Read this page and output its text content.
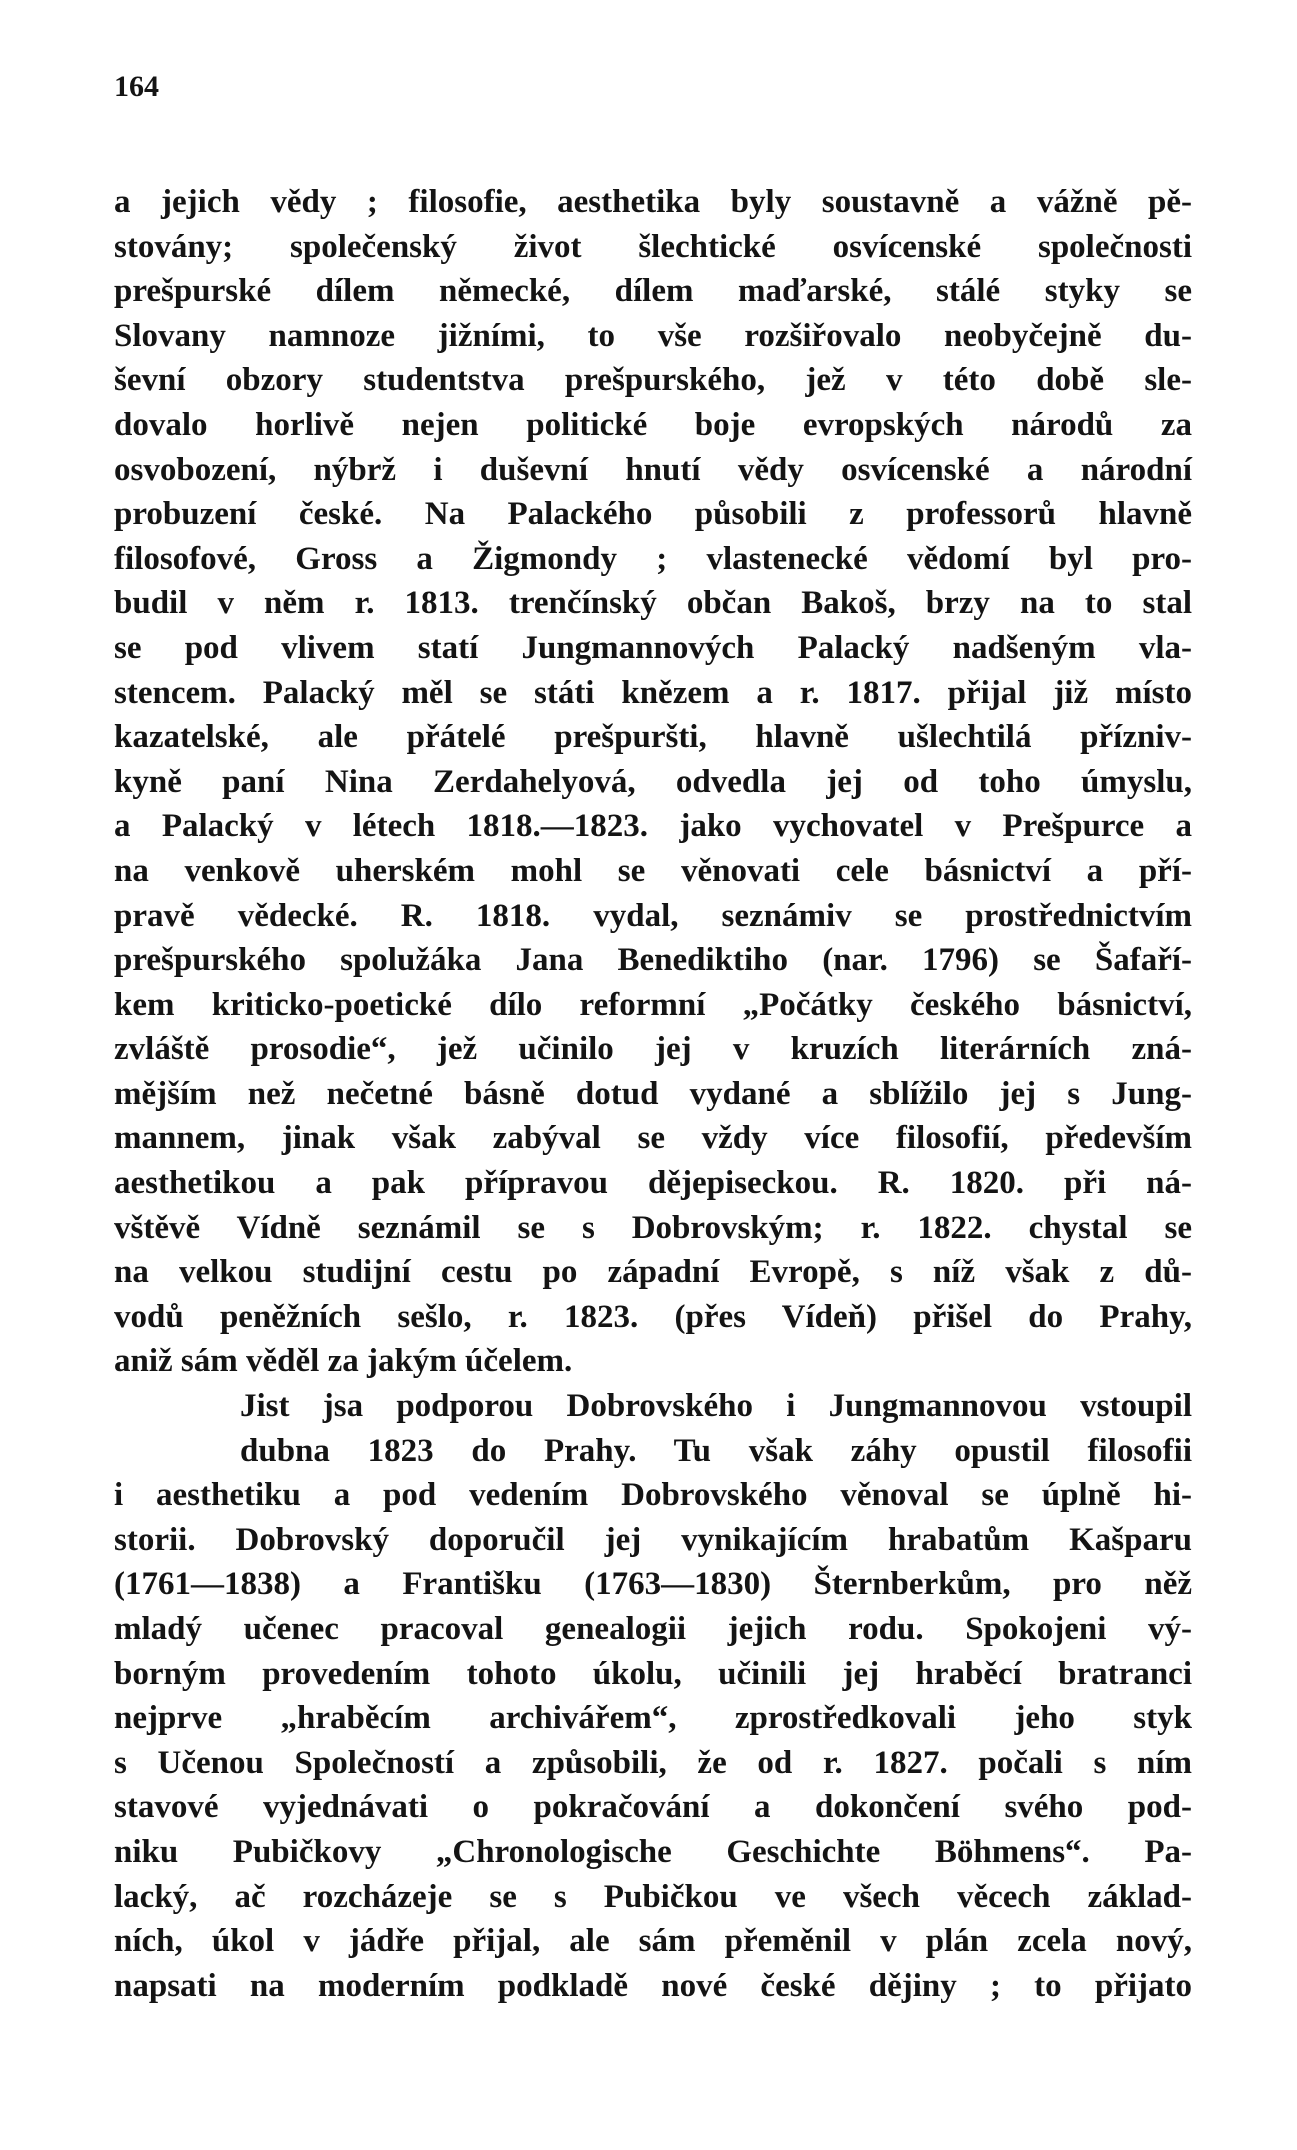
164
a jejich vědy ; filosofie, aesthetika byly soustavně a vážně pě-
stovány; společenský život šlechtické osvícenské společnosti
prešpurské dílem německé, dílem maďarské, stálé styky se
Slovany namnoze jižními, to vše rozšiřovalo neobyčejně du-
ševní obzory studentstva prešpurského, jež v této době sle-
dovalo horlivě nejen politické boje evropských národů za
osvobození, nýbrž i duševní hnutí vědy osvícenské a národní
probuzení české. Na Palackého působili z professorů hlavně
filosofové, Gross a Žigmondy ; vlastenecké vědomí byl pro-
budil v něm r. 1813. trenčínský občan Bakoš, brzy na to stal
se pod vlivem statí Jungmannových Palacký nadšeným vla-
stencem. Palacký měl se státi knězem a r. 1817. přijal již místo
kazatelské, ale přátelé prešpuršti, hlavně ušlechtilá přízniv-
kyně paní Nina Zerdahelyová, odvedla jej od toho úmyslu,
a Palacký v létech 1818.—1823. jako vychovatel v Prešpurce a
na venkově uherském mohl se věnovati cele básnictví a pří-
pravě vědecké. R. 1818. vydal, seznámiv se prostřednictvím
prešpurského spolužáka Jana Benediktiho (nar. 1796) se Šafaří-
kem kriticko-poetické dílo reformní „Počátky českého básnictví,
zvláště prosodie“, jež učinilo jej v kruzích literárních zná-
mějším než nečetné básně dotud vydané a sblížilo jej s Jung-
mannem, jinak však zabýval se vždy více filosofií, především
aesthetikou a pak přípravou dějepiseckou. R. 1820. při ná-
vštěvě Vídně seznámil se s Dobrovským; r. 1822. chystal se
na velkou studijní cestu po západní Evropě, s níž však z dů-
vodů peněžních sešlo, r. 1823. (přes Vídeň) přišel do Prahy,
aniž sám věděl za jakým účelem.
Jist jsa podporou Dobrovského i Jungmannovou vstoupil
dubna 1823 do Prahy. Tu však záhy opustil filosofii
i aesthetiku a pod vedením Dobrovského věnoval se úplně hi-
storii. Dobrovský doporučil jej vynikajícím hrabatům Kašparu
(1761—1838) a Františku (1763—1830) Šternberkům, pro něž
mladý učenec pracoval genealogii jejich rodu. Spokojeni vý-
borným provedením tohoto úkolu, učinili jej hraběcí bratranci
nejprve „hraběcím archivářem“, zprostředkovali jeho styk
s Učenou Společností a způsobili, že od r. 1827. počali s ním
stavové vyjednávati o pokračování a dokončení svého pod-
niku Pubičkovy „Chronologische Geschichte Böhmens“. Pa-
lacký, ač rozcházeje se s Pubičkou ve všech věcech základ-
ních, úkol v jádře přijal, ale sám přeměnil v plán zcela nový,
napsati na moderním podkladě nové české dějiny ; to přijato
